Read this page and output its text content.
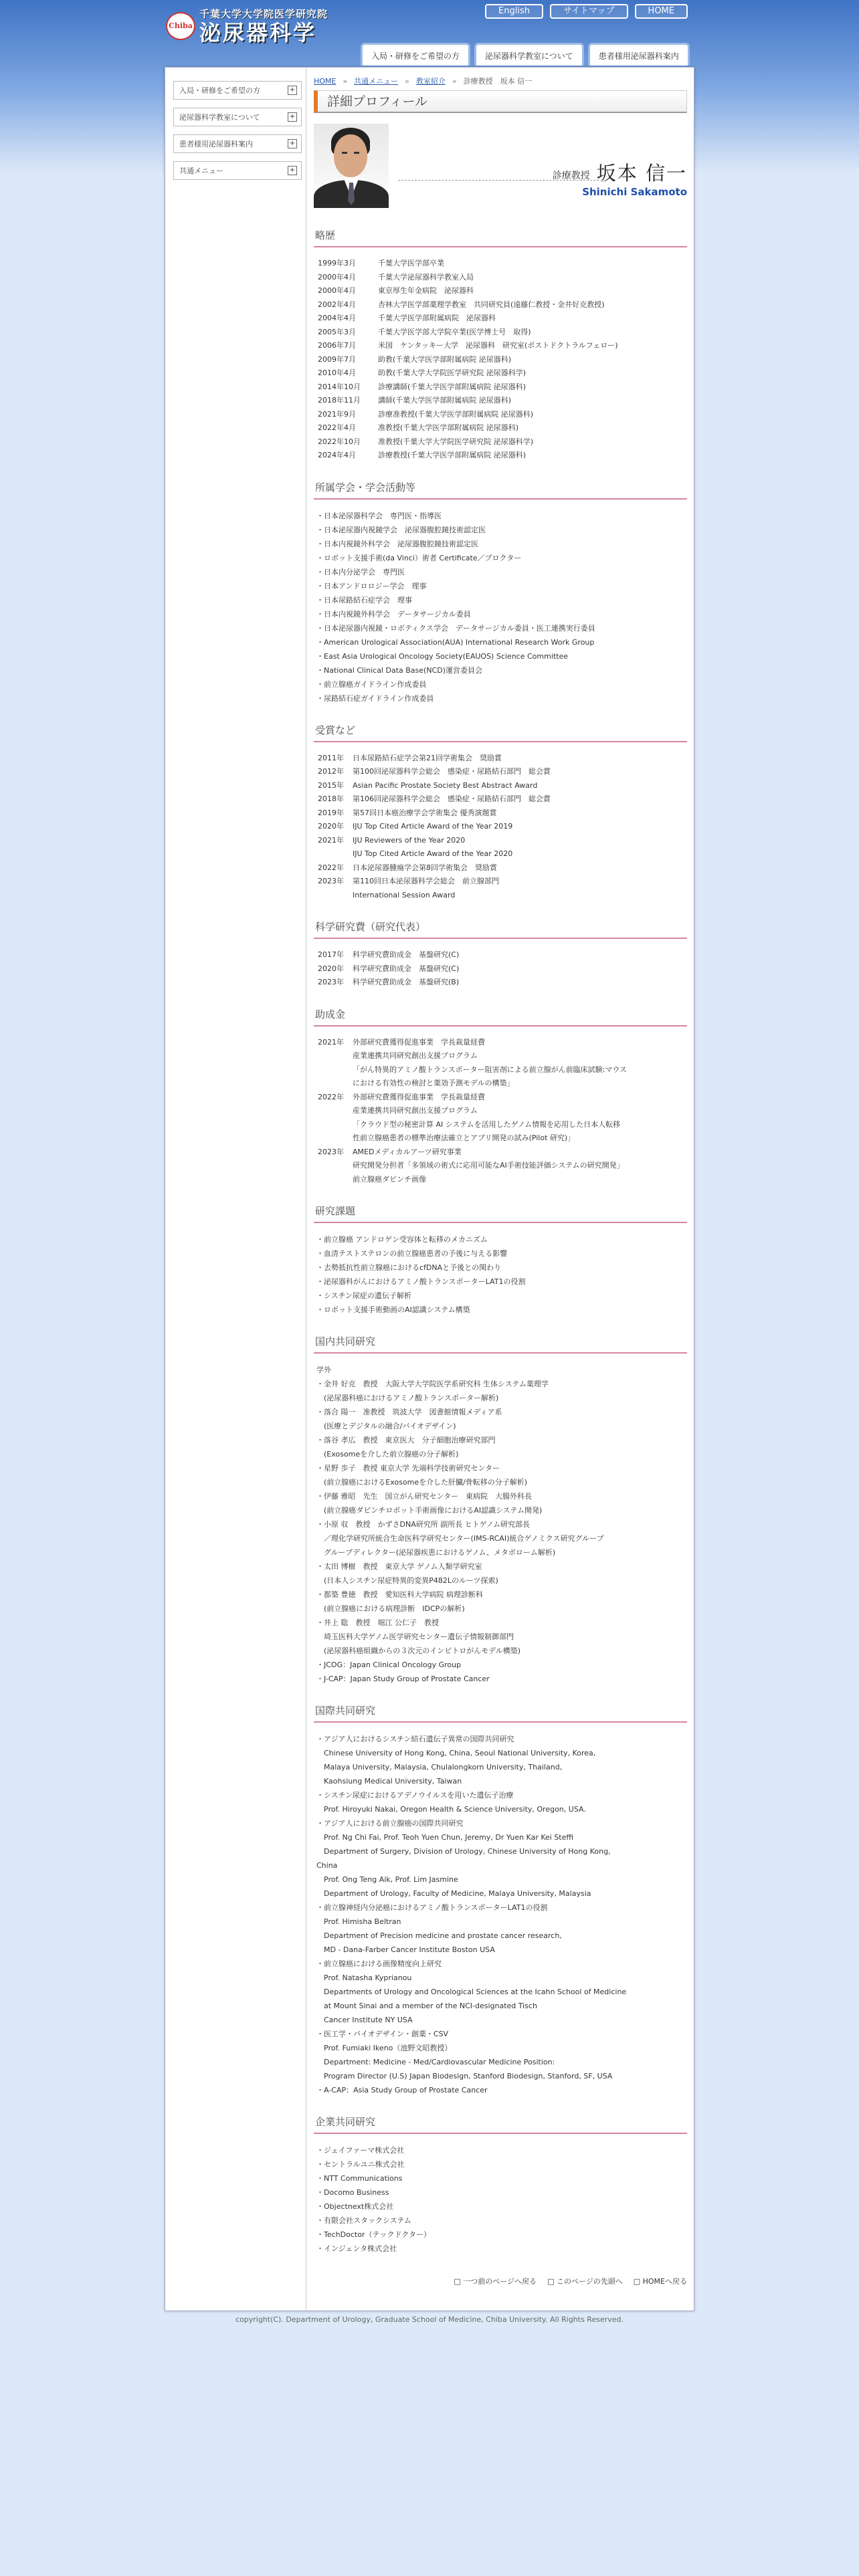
Chiba
千葉大学大学院医学研究院
泌尿器科学
English	サイトマップ	HOME
入局・研修をご希望の方	泌尿器科学教室について	患者様用泌尿器科案内
入局・研修をご希望の方	+
泌尿器科学教室について	+
患者様用泌尿器科案内	+
共通メニュー	+
HOME » 共通メニュー » 教室紹介 » 診療教授　坂本 信一
詳細プロフィール
診療教授 坂本 信一
Shinichi Sakamoto
略歴
1999年3月	千葉大学医学部卒業
2000年4月	千葉大学泌尿器科学教室入局
2000年4月	東京厚生年金病院　泌尿器科
2002年4月	杏林大学医学部薬理学教室　共同研究員(遠藤仁教授・金井好克教授)
2004年4月	千葉大学医学部附属病院　泌尿器科
2005年3月	千葉大学医学部大学院卒業(医学博士号　取得)
2006年7月	米国　ケンタッキー大学　泌尿器科　研究室(ポストドクトラルフェロー)
2009年7月	助教(千葉大学医学部附属病院 泌尿器科)
2010年4月	助教(千葉大学大学院医学研究院 泌尿器科学)
2014年10月	診療講師(千葉大学医学部附属病院 泌尿器科)
2018年11月	講師(千葉大学医学部附属病院 泌尿器科)
2021年9月	診療准教授(千葉大学医学部附属病院 泌尿器科)
2022年4月	准教授(千葉大学医学部附属病院 泌尿器科)
2022年10月	准教授(千葉大学大学院医学研究院 泌尿器科学)
2024年4月	診療教授(千葉大学医学部附属病院 泌尿器科)
所属学会・学会活動等
・日本泌尿器科学会　専門医・指導医
・日本泌尿器内視鏡学会　泌尿器腹腔鏡技術認定医
・日本内視鏡外科学会　泌尿器腹腔鏡技術認定医
・ロボット支援手術(da Vinci）術者 Certificate／プロクター
・日本内分泌学会　専門医
・日本アンドロロジー学会　理事
・日本尿路結石症学会　理事
・日本内視鏡外科学会　データサージカル委員
・日本泌尿器内視鏡・ロボティクス学会　データサージカル委員・医工連携実行委員
・American Urological Association(AUA) International Research Work Group
・East Asia Urological Oncology Society(EAUOS) Science Committee
・National Clinical Data Base(NCD)運営委員会
・前立腺癌ガイドライン作成委員
・尿路結石症ガイドライン作成委員
受賞など
2011年	日本尿路結石症学会第21回学術集会　奨励賞
2012年	第100回泌尿器科学会総会　感染症・尿路結石部門　総会賞
2015年	Asian Pacific Prostate Society Best Abstract Award
2018年	第106回泌尿器科学会総会　感染症・尿路結石部門　総会賞
2019年	第57回日本癌治療学会学術集会 優秀演題賞
2020年	IJU Top Cited Article Award of the Year 2019
2021年	IJU Reviewers of the Year 2020
IJU Top Cited Article Award of the Year 2020
2022年	日本泌尿器腫瘍学会第8回学術集会　奨励賞
2023年	第110回日本泌尿器科学会総会　前立腺部門
International Session Award
科学研究費（研究代表）
2017年	科学研究費助成金　基盤研究(C)
2020年	科学研究費助成金　基盤研究(C)
2023年	科学研究費助成金　基盤研究(B)
助成金
2021年	外部研究費獲得促進事業　学長裁量経費
産業連携共同研究創出支援プログラム
「がん特異的アミノ酸トランスポーター阻害剤による前立腺がん前臨床試験:マウス
における有効性の検討と薬効予測モデルの構築」
2022年	外部研究費獲得促進事業　学長裁量経費
産業連携共同研究創出支援プログラム
「クラウド型の秘密計算 AI システムを活用したゲノム情報を応用した日本人転移
性前立腺癌患者の標準治療法確立とアプリ開発の試み(Pilot 研究)」
2023年	AMEDメディカルアーツ研究事業
研究開発分担者「多領域の術式に応用可能なAI手術技能評価システムの研究開発」
前立腺癌ダビンチ画像
研究課題
・前立腺癌 アンドロゲン受容体と転移のメカニズム
・血清テストステロンの前立腺癌患者の予後に与える影響
・去勢抵抗性前立腺癌におけるcfDNAと予後との関わり
・泌尿器科がんにおけるアミノ酸トランスポーターLAT1の役割
・シスチン尿症の遺伝子解析
・ロボット支援手術動画のAI認識システム構築
国内共同研究
学外
・金井 好克　教授　大阪大学大学院医学系研究科 生体システム薬理学
　(泌尿器科癌におけるアミノ酸トランスポーター解析)
・落合 陽一　准教授　筑波大学　図書館情報メディア系
　(医療とデジタルの融合/バイオデザイン)
・落谷 孝広　教授　東京医大　分子細胞治療研究部門
　(Exosomeを介した前立腺癌の分子解析)
・星野 歩子　教授 東京大学 先端科学技術研究センター
　(前立腺癌におけるExosomeを介した肝臓/骨転移の分子解析)
・伊藤 雅昭　先生　国立がん研究センター　東病院　大腸外科長
　(前立腺癌ダビンチロボット手術画像におけるAI認識システム開発)
・小原 収　教授　かずさDNA研究所 副所長 ヒトゲノム研究部長
　／理化学研究所統合生命医科学研究センター(IMS-RCAI)統合ゲノミクス研究グループ
　グループディレクター(泌尿器疾患におけるゲノム、メタボローム解析)
・太田 博樹　教授　東京大学 ゲノム人類学研究室
　(日本人シスチン尿症特異的変異P482Lのルーツ探索)
・都築 豊徳　教授　愛知医科大学病院 病理診断科
　(前立腺癌における病理診断　IDCPの解析)
・井上 聡　教授　堀江 公仁子　教授
　埼玉医科大学ゲノム医学研究センター遺伝子情報制御部門
　(泌尿器科癌組織からの３次元のインビトロがんモデル構築)
・JCOG：Japan Clinical Oncology Group
・J-CAP：Japan Study Group of Prostate Cancer
国際共同研究
・アジア人におけるシスチン結石遺伝子異常の国際共同研究
　Chinese University of Hong Kong, China, Seoul National University, Korea,
　Malaya University, Malaysia, Chulalongkorn University, Thailand,
　Kaohsiung Medical University, Taiwan
・シスチン尿症におけるアデノウイルスを用いた遺伝子治療
　Prof. Hiroyuki Nakai, Oregon Health & Science University, Oregon, USA.
・アジア人における前立腺癌の国際共同研究
　Prof. Ng Chi Fai, Prof. Teoh Yuen Chun, Jeremy, Dr Yuen Kar Kei Steffi
　Department of Surgery, Division of Urology, Chinese University of Hong Kong,
China
　Prof. Ong Teng Aik, Prof. Lim Jasmine
　Department of Urology, Faculty of Medicine, Malaya University, Malaysia
・前立腺神経内分泌癌におけるアミノ酸トランスポーターLAT1の役割
　Prof. Himisha Beltran
　Department of Precision medicine and prostate cancer research,
　MD - Dana-Farber Cancer Institute Boston USA
・前立腺癌における画像精度向上研究
　Prof. Natasha Kyprianou
　Departments of Urology and Oncological Sciences at the Icahn School of Medicine
　at Mount Sinai and a member of the NCI-designated Tisch
　Cancer Institute NY USA
・医工学・バイオデザイン・創薬・CSV
　Prof. Fumiaki Ikeno（池野文昭教授）
　Department: Medicine - Med/Cardiovascular Medicine Position:
　Program Director (U.S) Japan Biodesign, Stanford Biodesign, Stanford, SF, USA
・A-CAP：Asia Study Group of Prostate Cancer
企業共同研究
・ジェイファーマ株式会社
・セントラルユニ株式会社
・NTT Communications
・Docomo Business
・Objectnext株式会社
・有限会社スタックシステム
・TechDoctor（テックドクター）
・インジェンタ株式会社
□ 一つ前のページへ戻る □ このページの先頭へ □ HOMEへ戻る
copyright(C). Department of Urology, Graduate School of Medicine, Chiba University. All Rights Reserved.
